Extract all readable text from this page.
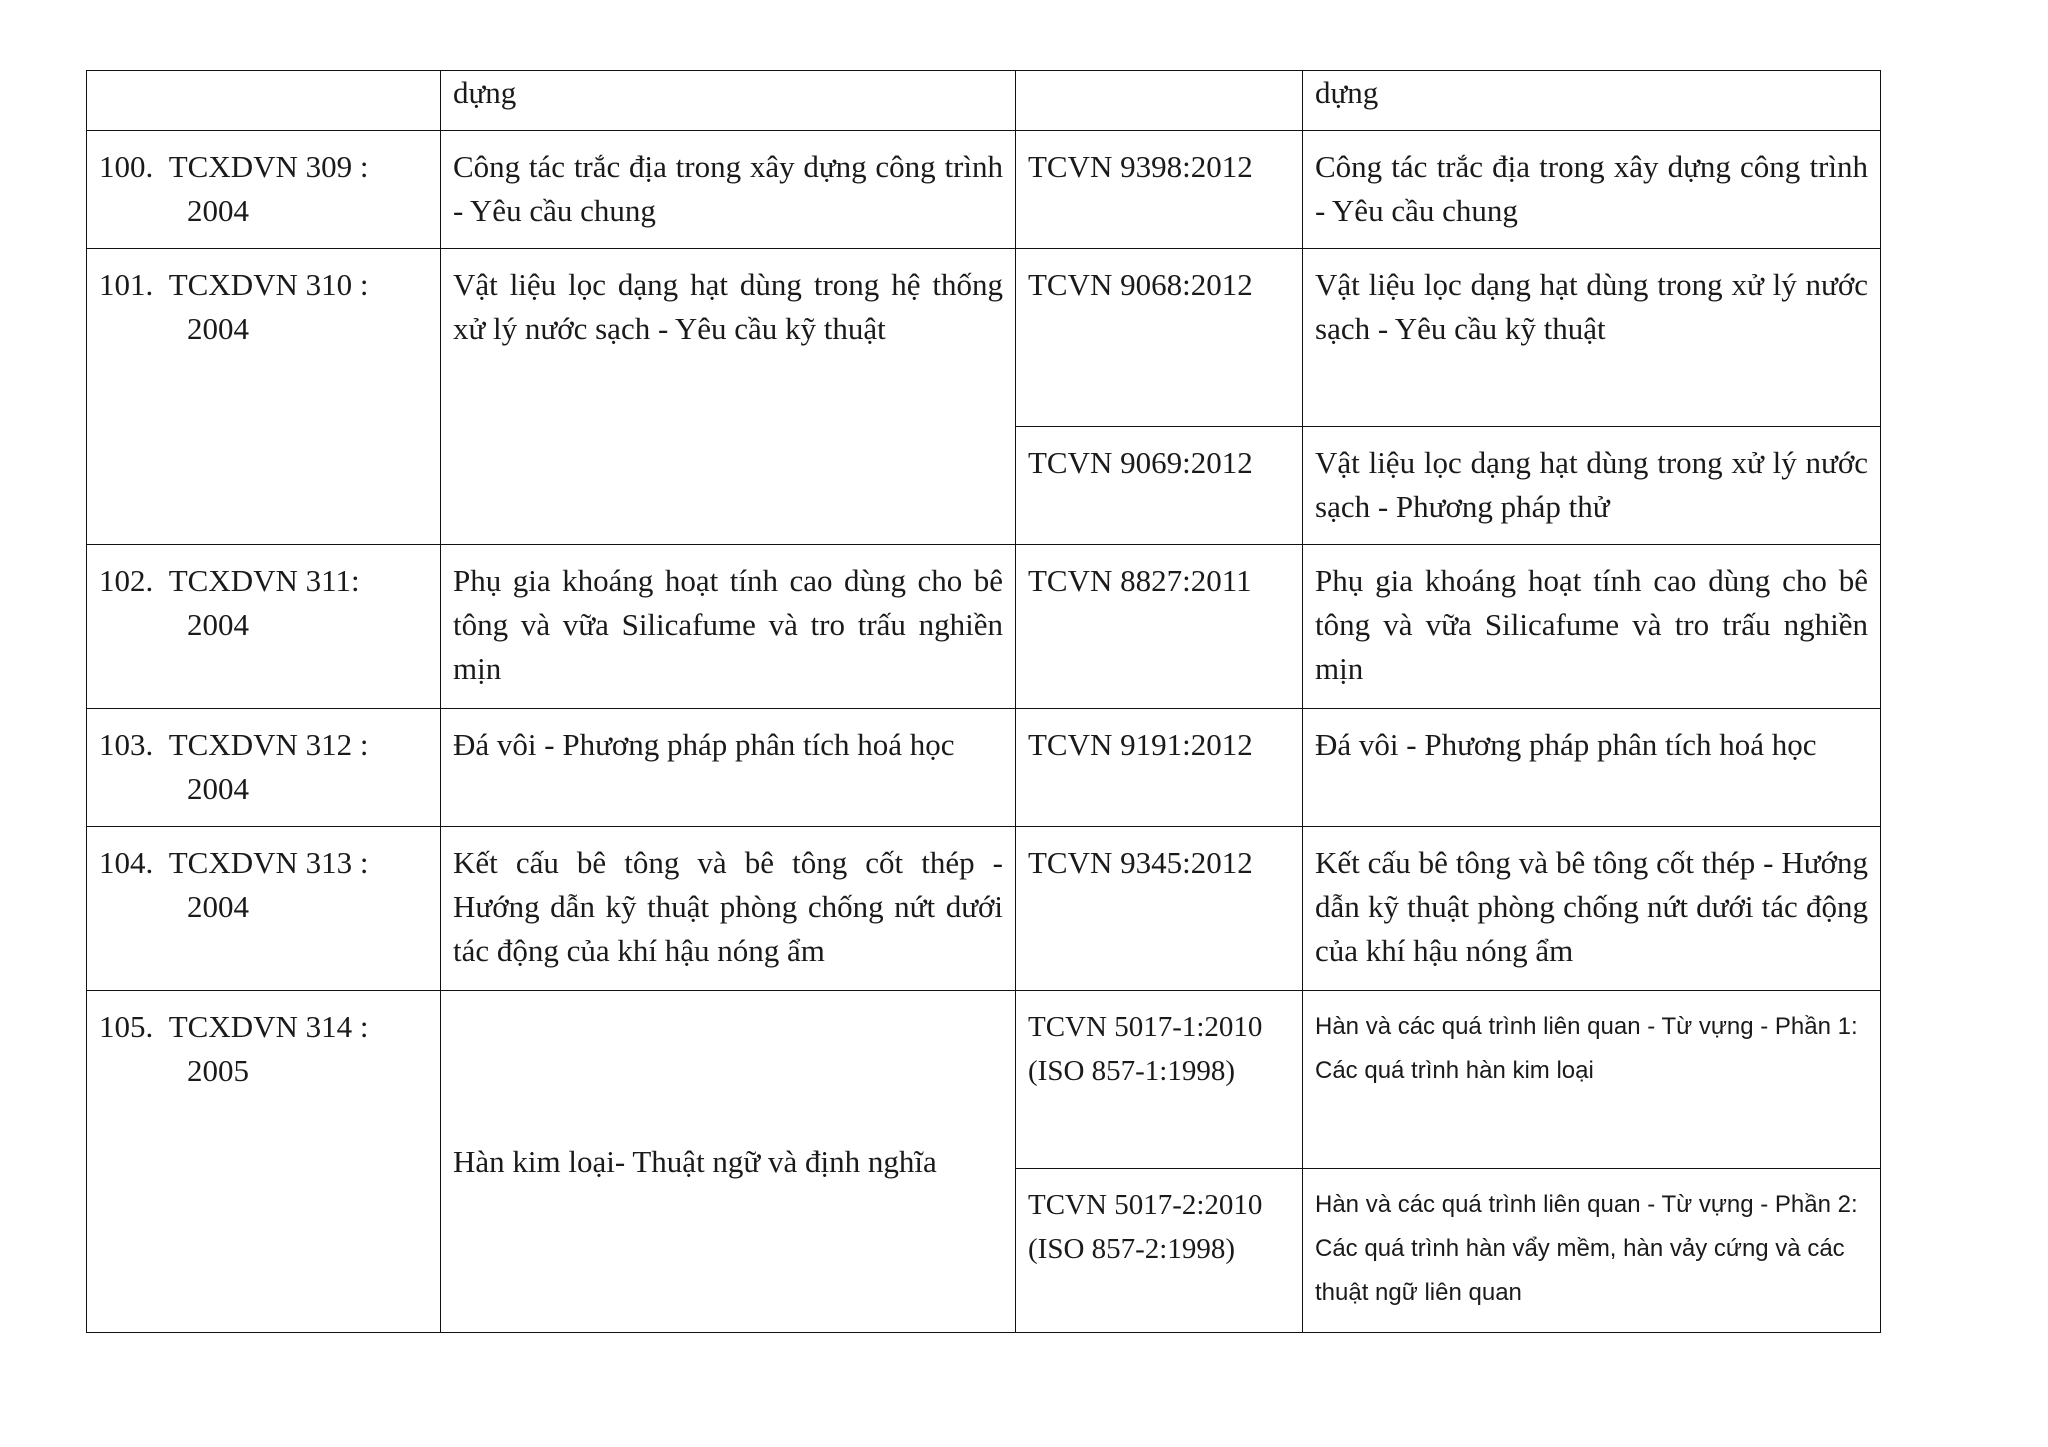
	dựng		dựng

100. TCXDVN 309 :
2004	Công tác trắc địa trong xây dựng công trình - Yêu cầu chung	TCVN 9398:2012	Công tác trắc địa trong xây dựng công trình - Yêu cầu chung

101. TCXDVN 310 :
2004	Vật liệu lọc dạng hạt dùng trong hệ thống xử lý nước sạch - Yêu cầu kỹ thuật	TCVN 9068:2012	Vật liệu lọc dạng hạt dùng trong xử lý nước sạch - Yêu cầu kỹ thuật
		TCVN 9069:2012	Vật liệu lọc dạng hạt dùng trong xử lý nước sạch - Phương pháp thử

102. TCXDVN 311:
2004	Phụ gia khoáng hoạt tính cao dùng cho bê tông và vữa Silicafume và tro trấu nghiền mịn	TCVN 8827:2011	Phụ gia khoáng hoạt tính cao dùng cho bê tông và vữa Silicafume và tro trấu nghiền mịn

103. TCXDVN 312 :
2004	Đá vôi - Phương pháp phân tích hoá học	TCVN 9191:2012	Đá vôi - Phương pháp phân tích hoá học

104. TCXDVN 313 :
2004	Kết cấu bê tông và bê tông cốt thép - Hướng dẫn kỹ thuật phòng chống nứt dưới tác động của khí hậu nóng ẩm	TCVN 9345:2012	Kết cấu bê tông và bê tông cốt thép - Hướng dẫn kỹ thuật phòng chống nứt dưới tác động của khí hậu nóng ẩm

105. TCXDVN 314 :
2005	Hàn kim loại- Thuật ngữ và định nghĩa	TCVN 5017-1:2010
(ISO 857-1:1998)	Hàn và các quá trình liên quan - Từ vựng - Phần 1: Các quá trình hàn kim loại

		TCVN 5017-2:2010
(ISO 857-2:1998)	Hàn và các quá trình liên quan - Từ vựng - Phần 2: Các quá trình hàn vẩy mềm, hàn vảy cứng và các thuật ngữ liên quan
